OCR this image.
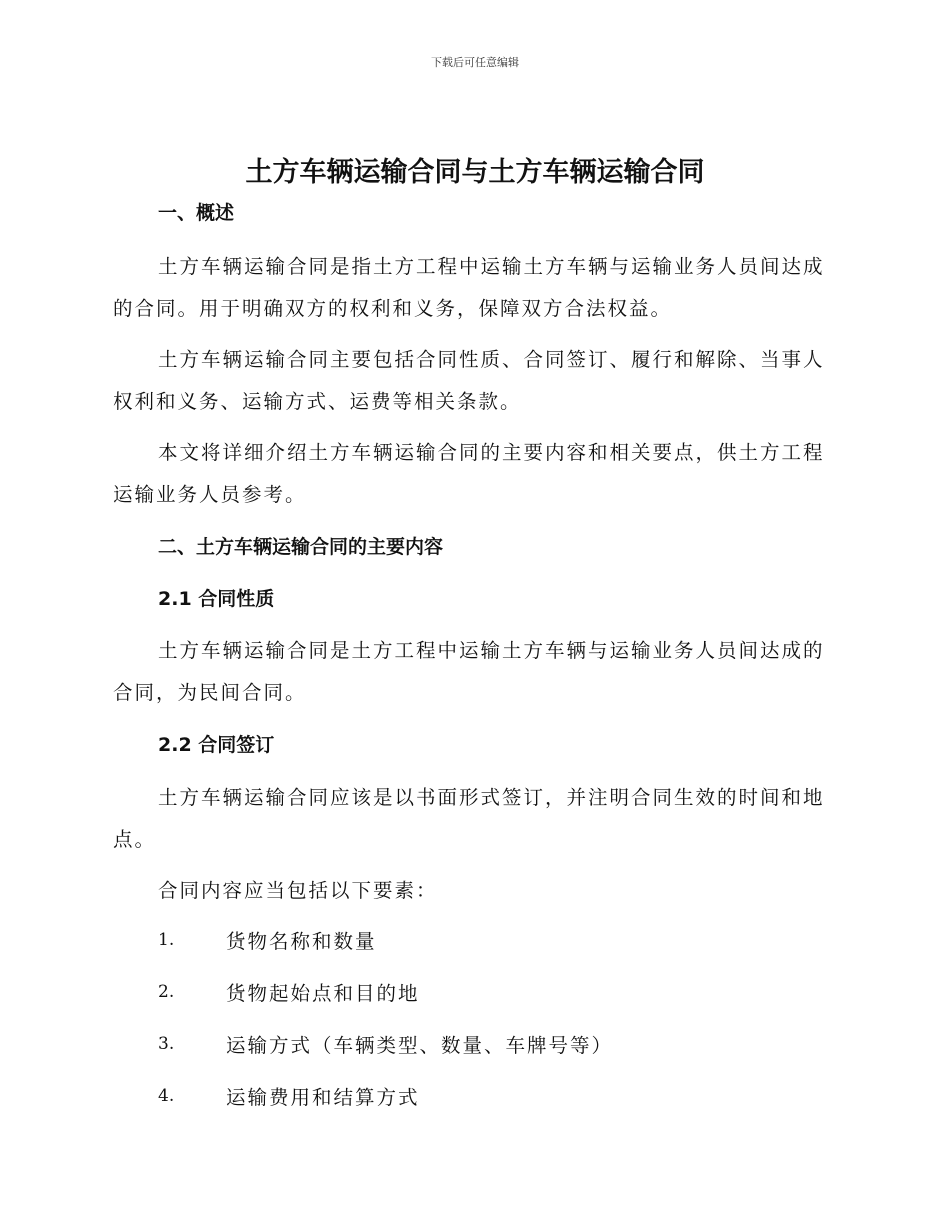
下载后可任意编辑
土方车辆运输合同与土方车辆运输合同
一、概述

土方车辆运输合同是指土方工程中运输土方车辆与运输业务人员间达成

的合同。用于明确双方的权利和义务，保障双方合法权益。

土方车辆运输合同主要包括合同性质、合同签订、履行和解除、当事人

权利和义务、运输方式、运费等相关条款。

本文将详细介绍土方车辆运输合同的主要内容和相关要点，供土方工程

运输业务人员参考。

二、土方车辆运输合同的主要内容
2.1 合同性质

土方车辆运输合同是土方工程中运输土方车辆与运输业务人员间达成的

合同，为民间合同。

2.2 合同签订

土方车辆运输合同应该是以书面形式签订，并注明合同生效的时间和地

点。

合同内容应当包括以下要素：

1.	货物名称和数量
2.	货物起始点和目的地
3.	运输方式（车辆类型、数量、车牌号等）
4.	运输费用和结算方式
